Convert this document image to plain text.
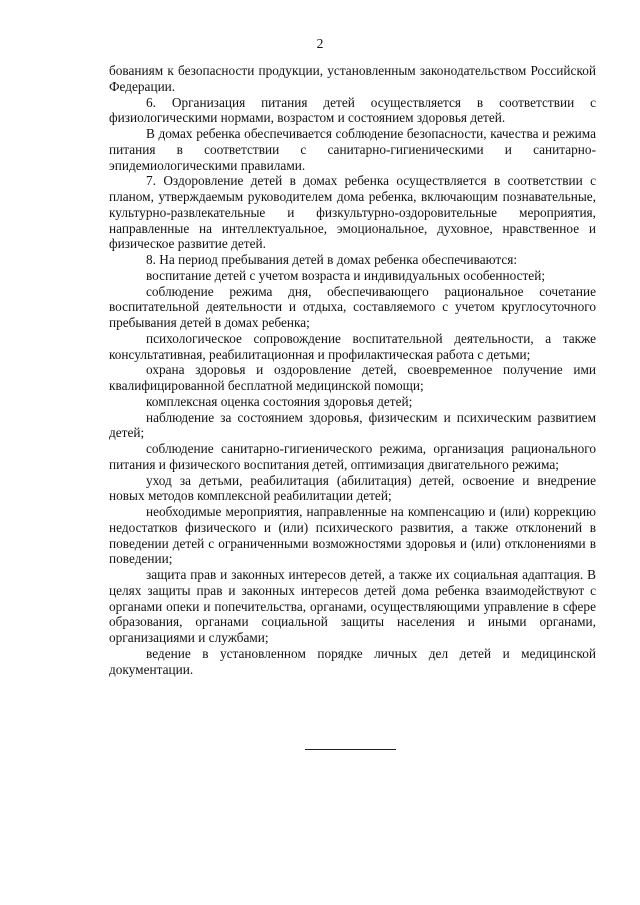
2

бованиям к безопасности продукции, установленным законодательством Российской Федерации.

6. Организация питания детей осуществляется в соответствии с физиологическими нормами, возрастом и состоянием здоровья детей.

В домах ребенка обеспечивается соблюдение безопасности, качества и режима питания в соответствии с санитарно-гигиеническими и санитарно-эпидемиологическими правилами.

7. Оздоровление детей в домах ребенка осуществляется в соответствии с планом, утверждаемым руководителем дома ребенка, включающим познавательные, культурно-развлекательные и физкультурно-оздоровительные мероприятия, направленные на интеллектуальное, эмоциональное, духовное, нравственное и физическое развитие детей.

8. На период пребывания детей в домах ребенка обеспечиваются:

воспитание детей с учетом возраста и индивидуальных особенностей;

соблюдение режима дня, обеспечивающего рациональное сочетание воспитательной деятельности и отдыха, составляемого с учетом круглосуточного пребывания детей в домах ребенка;

психологическое сопровождение воспитательной деятельности, а также консультативная, реабилитационная и профилактическая работа с детьми;

охрана здоровья и оздоровление детей, своевременное получение ими квалифицированной бесплатной медицинской помощи;

комплексная оценка состояния здоровья детей;

наблюдение за состоянием здоровья, физическим и психическим развитием детей;

соблюдение санитарно-гигиенического режима, организация рационального питания и физического воспитания детей, оптимизация двигательного режима;

уход за детьми, реабилитация (абилитация) детей, освоение и внедрение новых методов комплексной реабилитации детей;

необходимые мероприятия, направленные на компенсацию и (или) коррекцию недостатков физического и (или) психического развития, а также отклонений в поведении детей с ограниченными возможностями здоровья и (или) отклонениями в поведении;

защита прав и законных интересов детей, а также их социальная адаптация. В целях защиты прав и законных интересов детей дома ребенка взаимодействуют с органами опеки и попечительства, органами, осуществляющими управление в сфере образования, органами социальной защиты населения и иными органами, организациями и службами;

ведение в установленном порядке личных дел детей и медицинской документации.
